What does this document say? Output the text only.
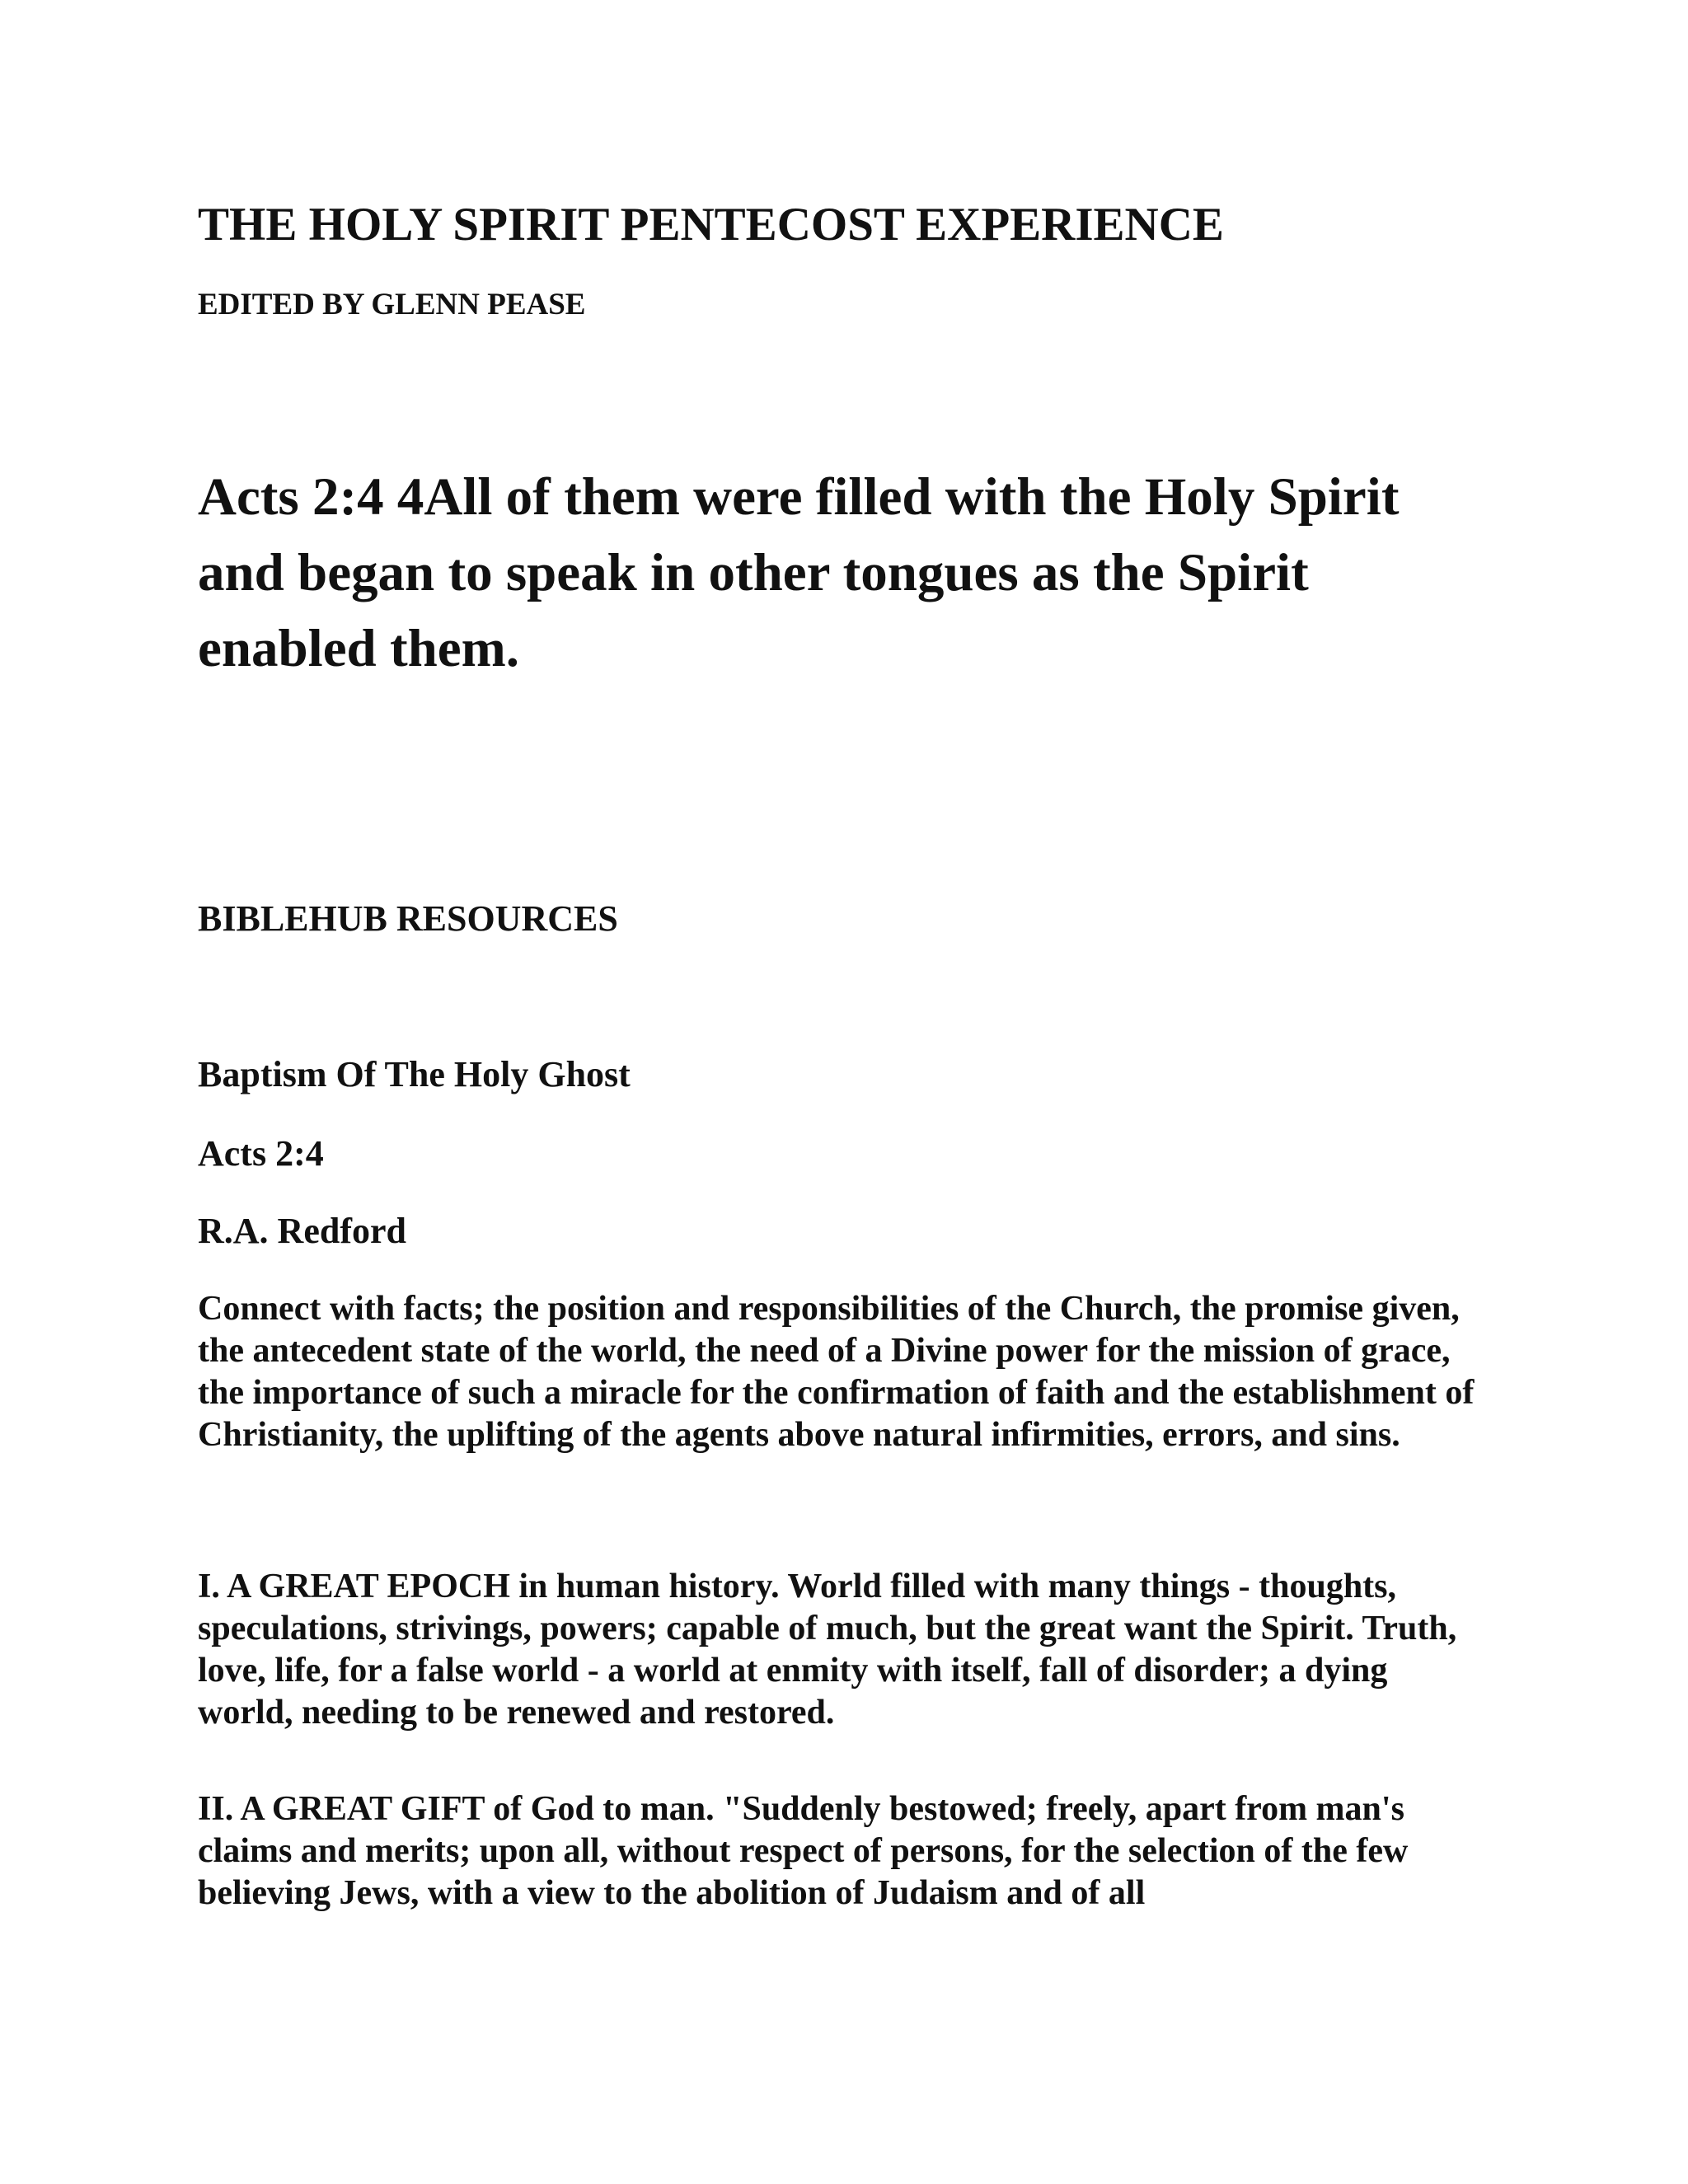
THE HOLY SPIRIT PENTECOST EXPERIENCE
EDITED BY GLENN PEASE
Acts 2:4 4All of them were filled with the Holy Spirit and began to speak in other tongues as the Spirit enabled them.
BIBLEHUB RESOURCES
Baptism Of The Holy Ghost
Acts 2:4
R.A. Redford

Connect with facts; the position and responsibilities of the Church, the promise given, the antecedent state of the world, the need of a Divine power for the mission of grace, the importance of such a miracle for the confirmation of faith and the establishment of Christianity, the uplifting of the agents above natural infirmities, errors, and sins.

I. A GREAT EPOCH in human history. World filled with many things - thoughts, speculations, strivings, powers; capable of much, but the great want the Spirit. Truth, love, life, for a false world - a world at enmity with itself, fall of disorder; a dying world, needing to be renewed and restored.

II. A GREAT GIFT of God to man. "Suddenly bestowed; freely, apart from man's claims and merits; upon all, without respect of persons, for the selection of the few believing Jews, with a view to the abolition of Judaism and of all
